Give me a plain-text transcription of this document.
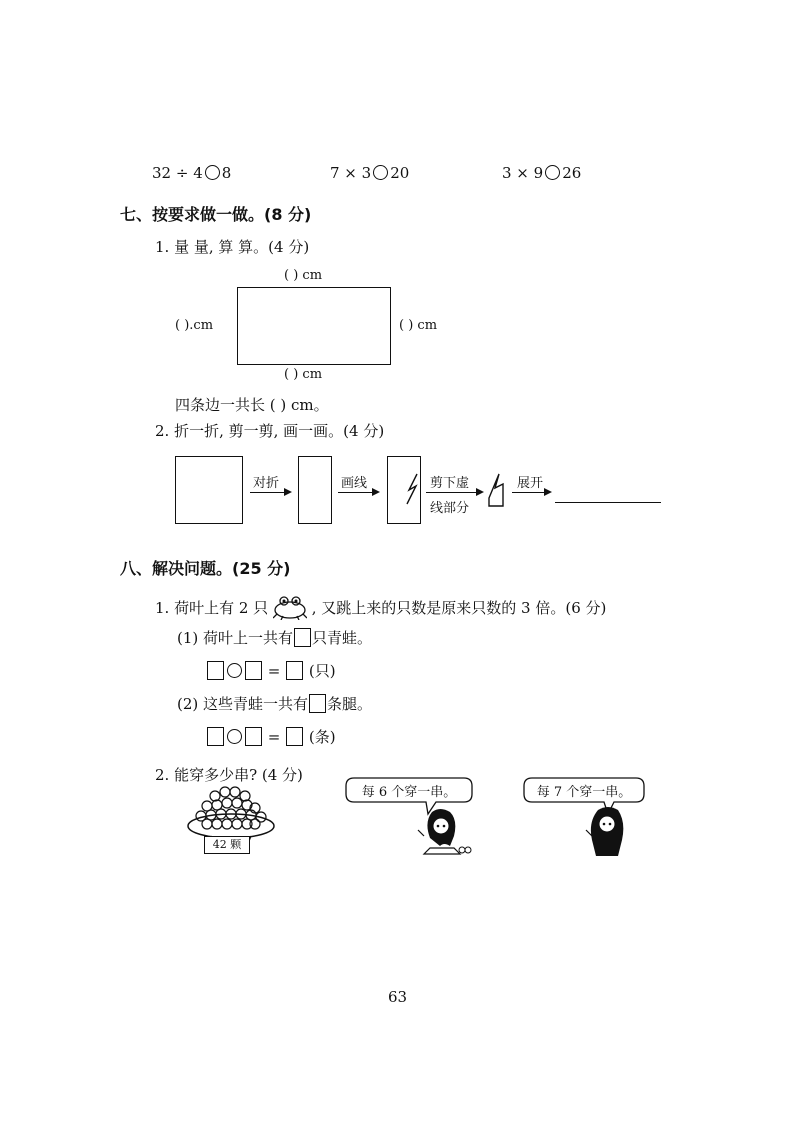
32 ÷ 4 8	7 × 3 20	3 × 9 26
七、按要求做一做。(8 分)
1. 量 量, 算 算。(4 分)
( ) cm
( ).cm	( ) cm
( ) cm
四条边一共长 ( ) cm。
2. 折一折, 剪一剪, 画一画。(4 分)
对折	画线	剪下虚
线部分
展开
八、解决问题。(25 分)
1. 荷叶上有 2 只	, 又跳上来的只数是原来只数的 3 倍。(6 分)
(1) 荷叶上一共有 只青蛙。
= (只)
(2) 这些青蛙一共有 条腿。
= (条)
2. 能穿多少串? (4 分)
42 颗
每 6 个穿一串。	每 7 个穿一串。
63
